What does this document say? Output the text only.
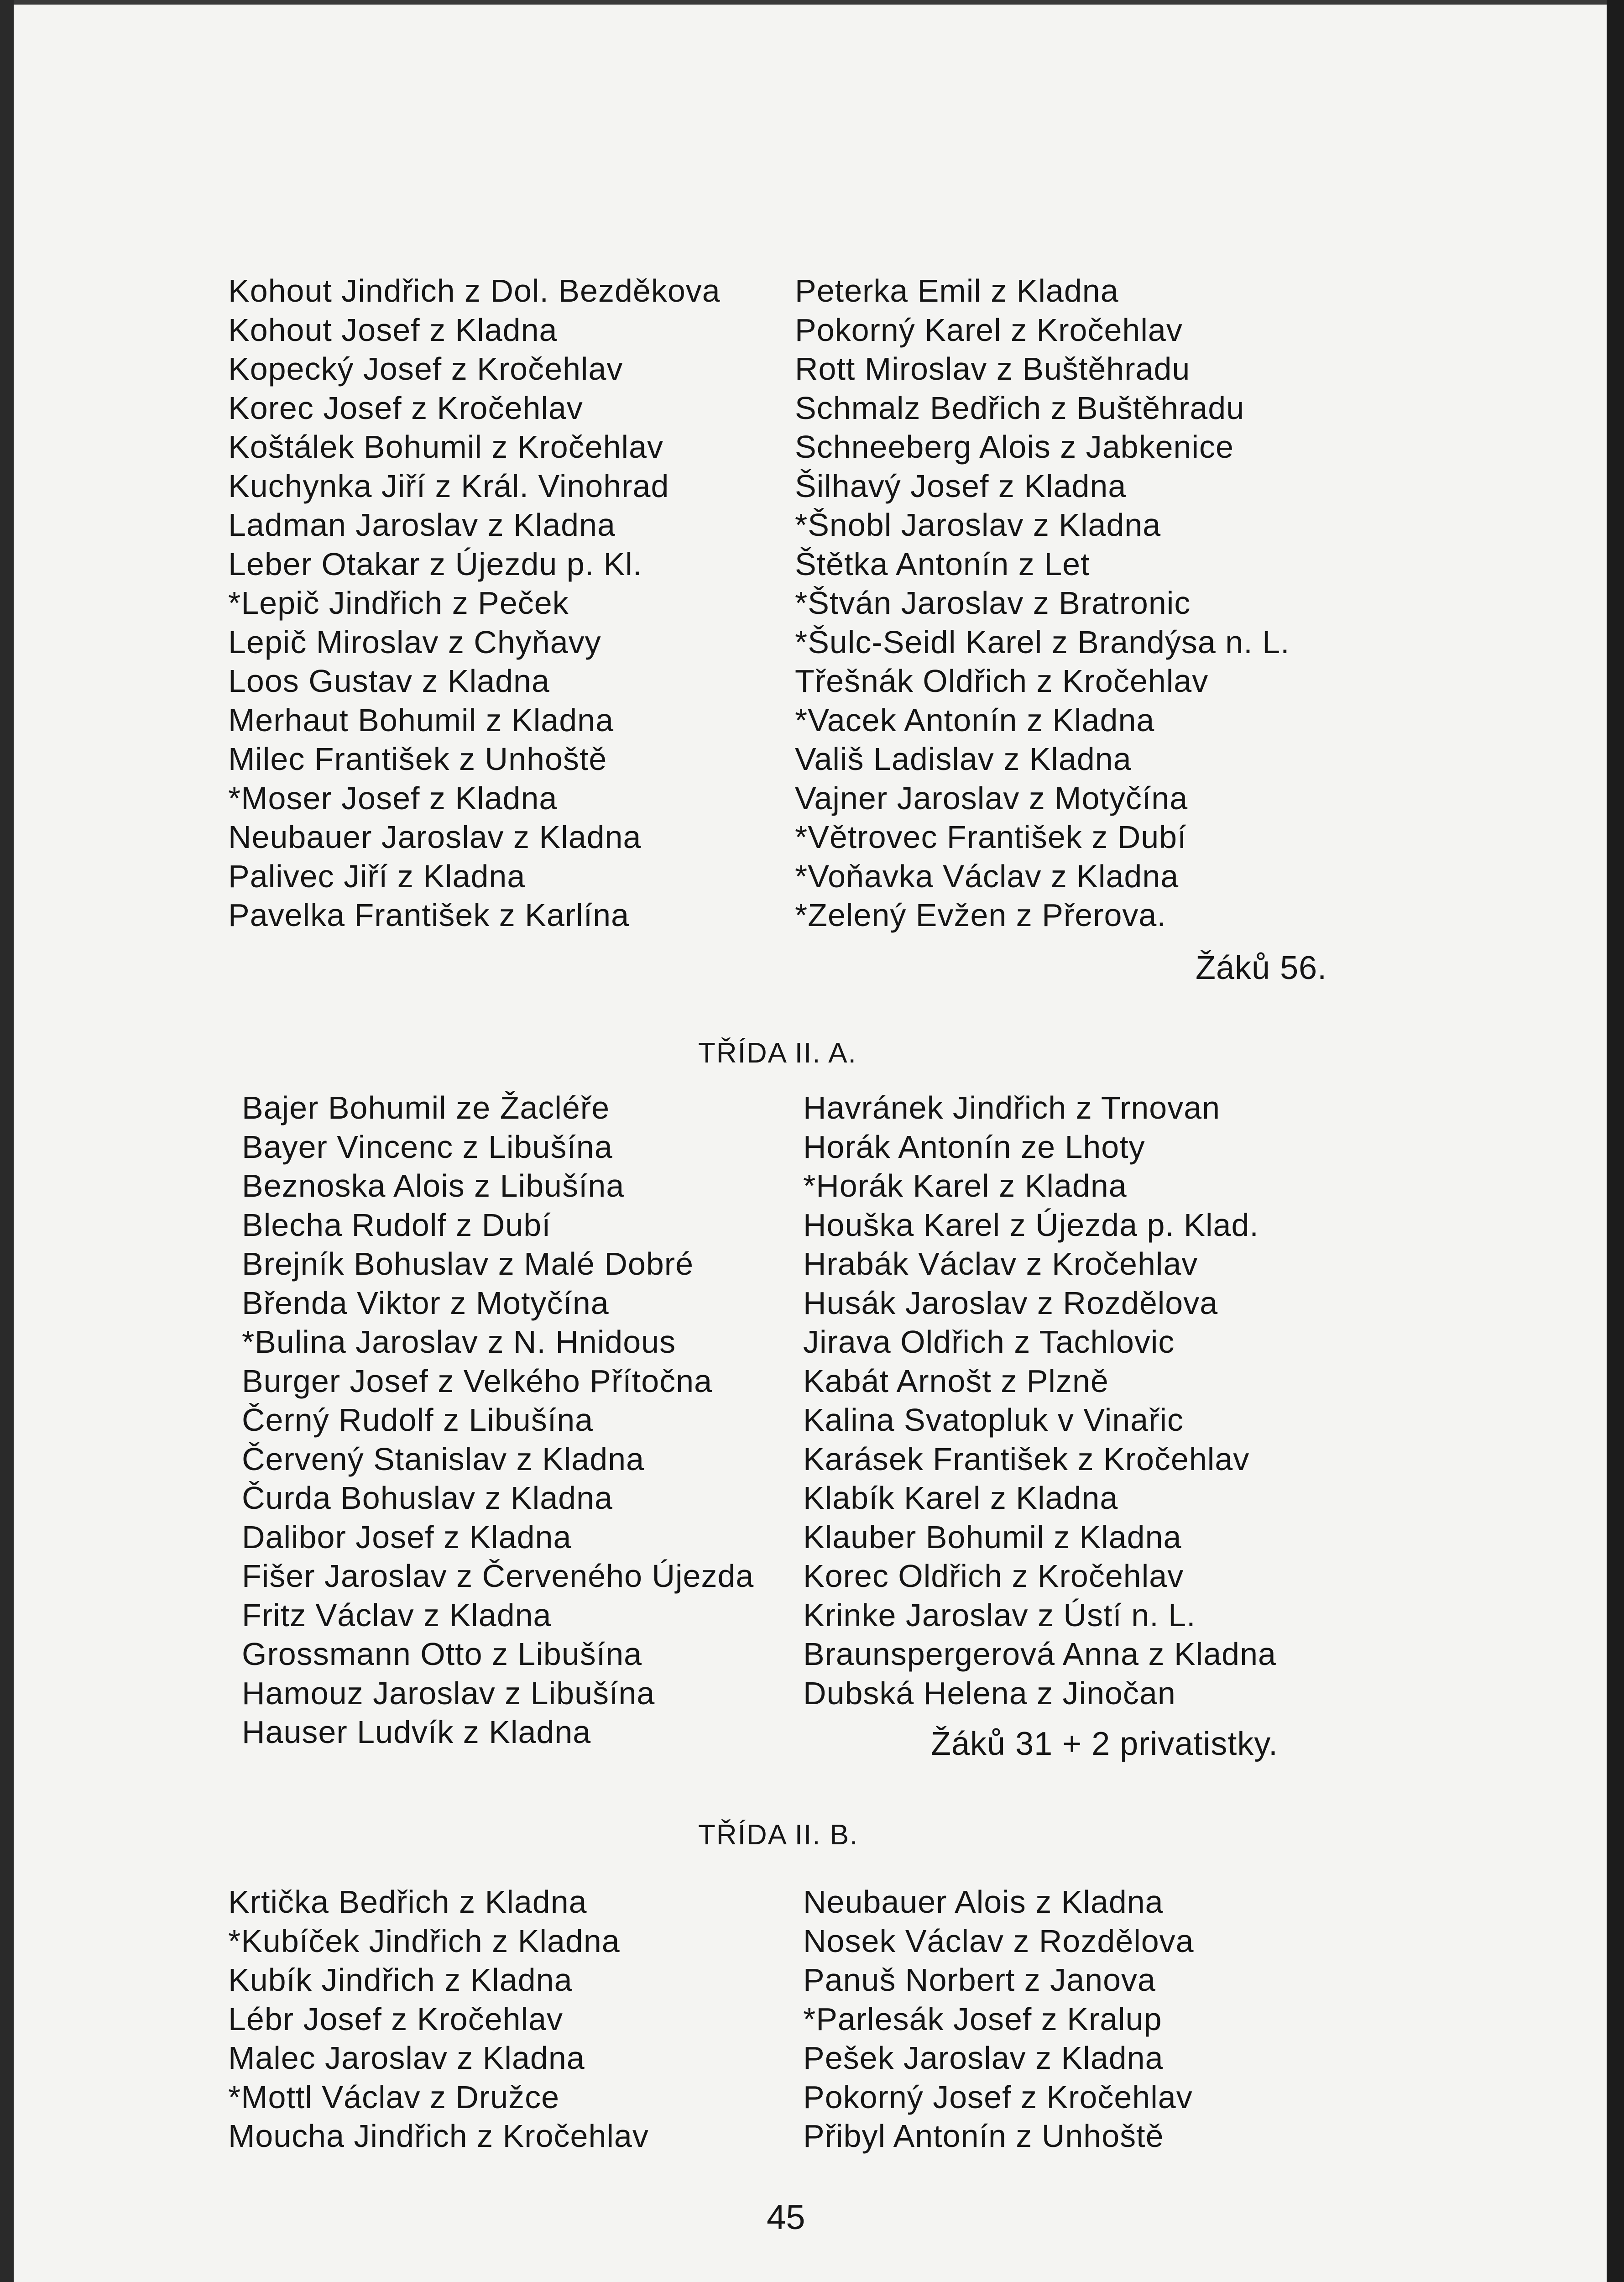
Kohout Jindřich z Dol. Bezděkova
Kohout Josef z Kladna
Kopecký Josef z Kročehlav
Korec Josef z Kročehlav
Koštálek Bohumil z Kročehlav
Kuchynka Jiří z Král. Vinohrad
Ladman Jaroslav z Kladna
Leber Otakar z Újezdu p. Kl.
*Lepič Jindřich z Peček
Lepič Miroslav z Chyňavy
Loos Gustav z Kladna
Merhaut Bohumil z Kladna
Milec František z Unhoště
*Moser Josef z Kladna
Neubauer Jaroslav z Kladna
Palivec Jiří z Kladna
Pavelka František z Karlína
Peterka Emil z Kladna
Pokorný Karel z Kročehlav
Rott Miroslav z Buštěhradu
Schmalz Bedřich z Buštěhradu
Schneeberg Alois z Jabkenice
Šilhavý Josef z Kladna
*Šnobl Jaroslav z Kladna
Štětka Antonín z Let
*Štván Jaroslav z Bratronic
*Šulc-Seidl Karel z Brandýsa n. L.
Třešnák Oldřich z Kročehlav
*Vacek Antonín z Kladna
Vališ Ladislav z Kladna
Vajner Jaroslav z Motyčína
*Větrovec František z Dubí
*Voňavka Václav z Kladna
*Zelený Evžen z Přerova.
Žáků 56.
TŘÍDA II. A.
Bajer Bohumil ze Žacléře
Bayer Vincenc z Libušína
Beznoska Alois z Libušína
Blecha Rudolf z Dubí
Brejník Bohuslav z Malé Dobré
Břenda Viktor z Motyčína
*Bulina Jaroslav z N. Hnidous
Burger Josef z Velkého Přítočna
Černý Rudolf z Libušína
Červený Stanislav z Kladna
Čurda Bohuslav z Kladna
Dalibor Josef z Kladna
Fišer Jaroslav z Červeného Újezda
Fritz Václav z Kladna
Grossmann Otto z Libušína
Hamouz Jaroslav z Libušína
Hauser Ludvík z Kladna
Havránek Jindřich z Trnovan
Horák Antonín ze Lhoty
*Horák Karel z Kladna
Houška Karel z Újezda p. Klad.
Hrabák Václav z Kročehlav
Husák Jaroslav z Rozdělova
Jirava Oldřich z Tachlovic
Kabát Arnošt z Plzně
Kalina Svatopluk v Vinařic
Karásek František z Kročehlav
Klabík Karel z Kladna
Klauber Bohumil z Kladna
Korec Oldřich z Kročehlav
Krinke Jaroslav z Ústí n. L.
Braunspergerová Anna z Kladna
Dubská Helena z Jinočan
Žáků 31 + 2 privatistky.
TŘÍDA II. B.
Krtička Bedřich z Kladna
*Kubíček Jindřich z Kladna
Kubík Jindřich z Kladna
Lébr Josef z Kročehlav
Malec Jaroslav z Kladna
*Mottl Václav z Družce
Moucha Jindřich z Kročehlav
Neubauer Alois z Kladna
Nosek Václav z Rozdělova
Panuš Norbert z Janova
*Parlesák Josef z Kralup
Pešek Jaroslav z Kladna
Pokorný Josef z Kročehlav
Přibyl Antonín z Unhoště
45
